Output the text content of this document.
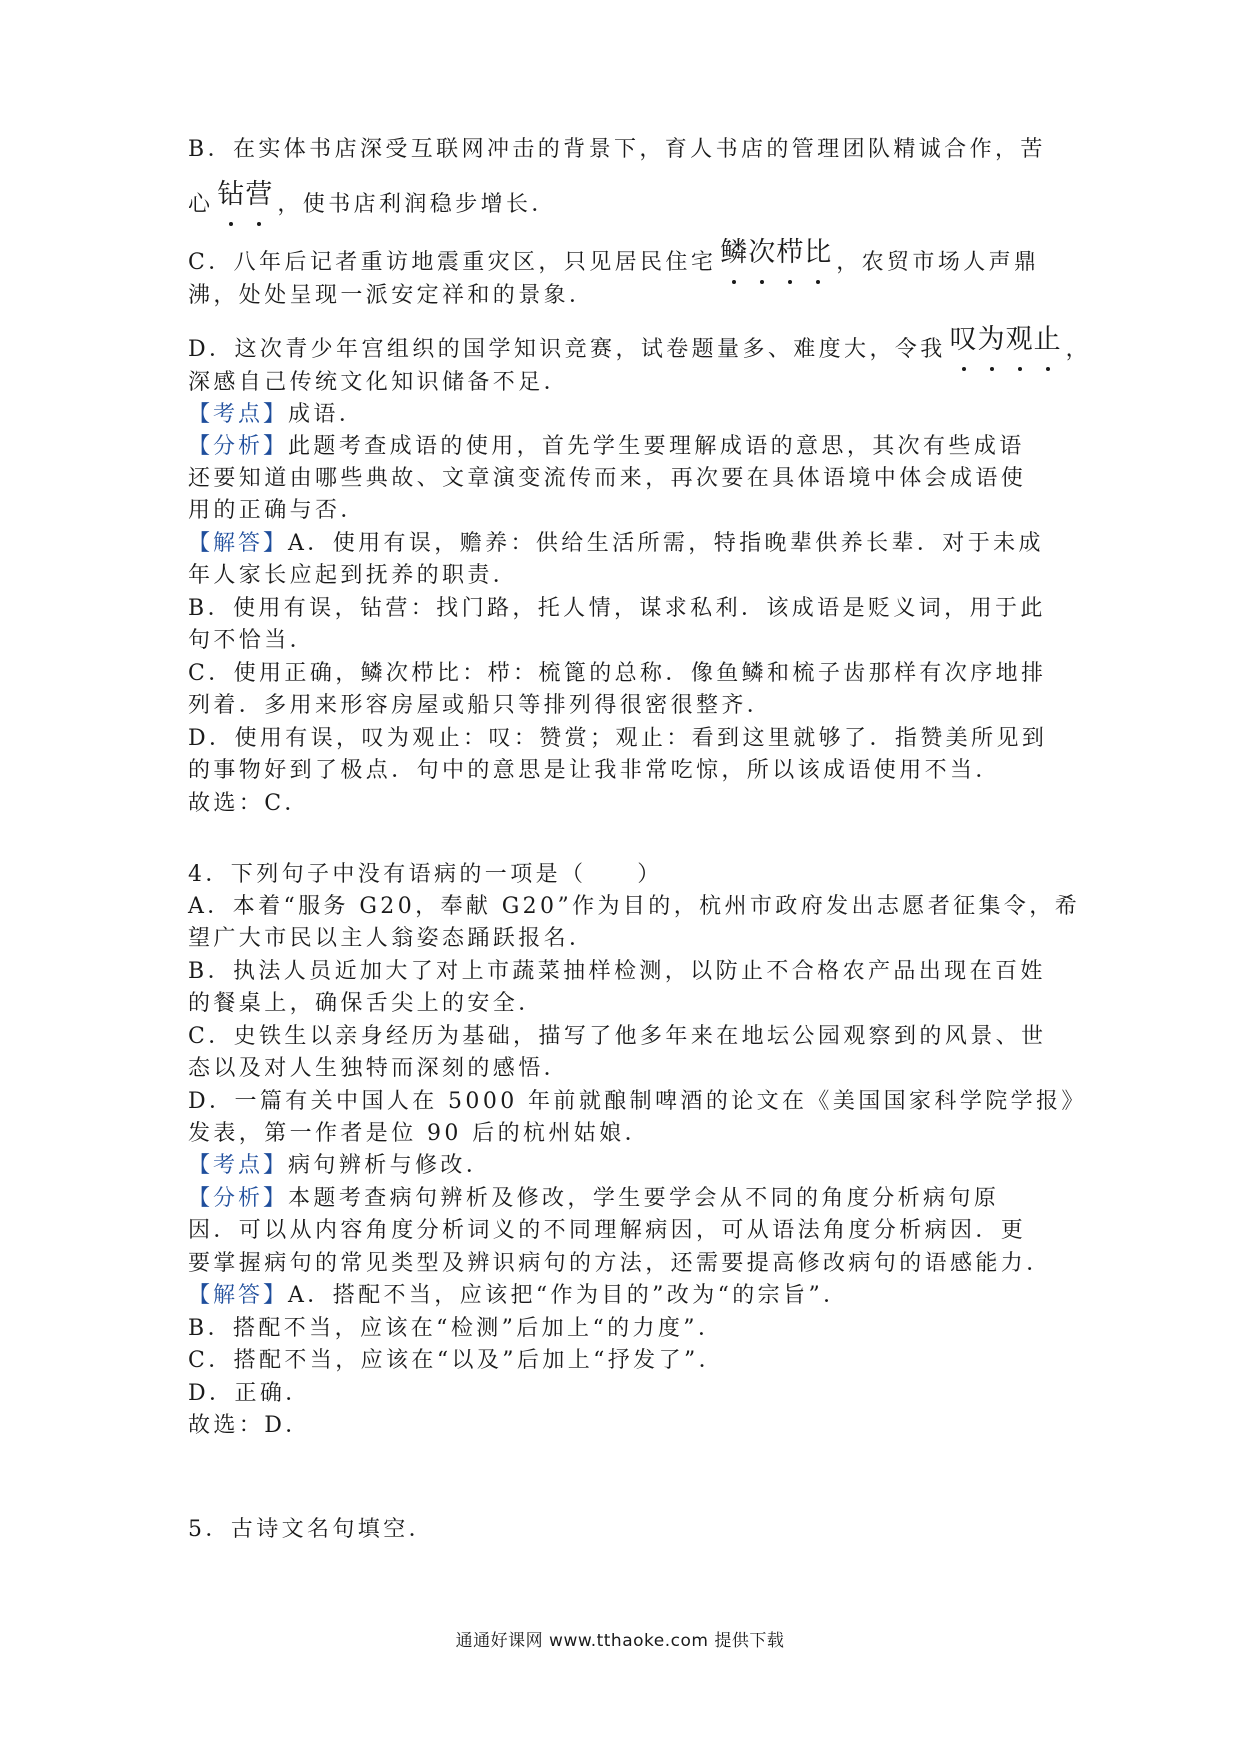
B．在实体书店深受互联网冲击的背景下，育人书店的管理团队精诚合作，苦
心 钻营 ，使书店利润稳步增长．
C．八年后记者重访地震重灾区，只见居民住宅 鳞次栉比 ，农贸市场人声鼎
沸，处处呈现一派安定祥和的景象．
D．这次青少年宫组织的国学知识竞赛，试卷题量多、难度大，令我 叹为观止 ，
深感自己传统文化知识储备不足．
【考点】成语．
【分析】此题考查成语的使用，首先学生要理解成语的意思，其次有些成语
还要知道由哪些典故、文章演变流传而来，再次要在具体语境中体会成语使
用的正确与否．
【解答】A．使用有误，赡养：供给生活所需，特指晚辈供养长辈．对于未成
年人家长应起到抚养的职责．
B．使用有误，钻营：找门路，托人情，谋求私利．该成语是贬义词，用于此
句不恰当．
C．使用正确，鳞次栉比：栉：梳篦的总称．像鱼鳞和梳子齿那样有次序地排
列着．多用来形容房屋或船只等排列得很密很整齐．
D．使用有误，叹为观止：叹：赞赏；观止：看到这里就够了．指赞美所见到
的事物好到了极点．句中的意思是让我非常吃惊，所以该成语使用不当．
故选：C．
4．下列句子中没有语病的一项是（　　）
A．本着“服务 G20，奉献 G20”作为目的，杭州市政府发出志愿者征集令，希
望广大市民以主人翁姿态踊跃报名．
B．执法人员近加大了对上市蔬菜抽样检测，以防止不合格农产品出现在百姓
的餐桌上，确保舌尖上的安全．
C．史铁生以亲身经历为基础，描写了他多年来在地坛公园观察到的风景、世
态以及对人生独特而深刻的感悟．
D．一篇有关中国人在 5000 年前就酿制啤酒的论文在《美国国家科学院学报》
发表，第一作者是位 90 后的杭州姑娘．
【考点】病句辨析与修改．
【分析】本题考查病句辨析及修改，学生要学会从不同的角度分析病句原
因．可以从内容角度分析词义的不同理解病因，可从语法角度分析病因．更
要掌握病句的常见类型及辨识病句的方法，还需要提高修改病句的语感能力．
【解答】A．搭配不当，应该把“作为目的”改为“的宗旨”．
B．搭配不当，应该在“检测”后加上“的力度”．
C．搭配不当，应该在“以及”后加上“抒发了”．
D．正确．
故选：D．
5．古诗文名句填空．
通通好课网 www.tthaoke.com 提供下载
